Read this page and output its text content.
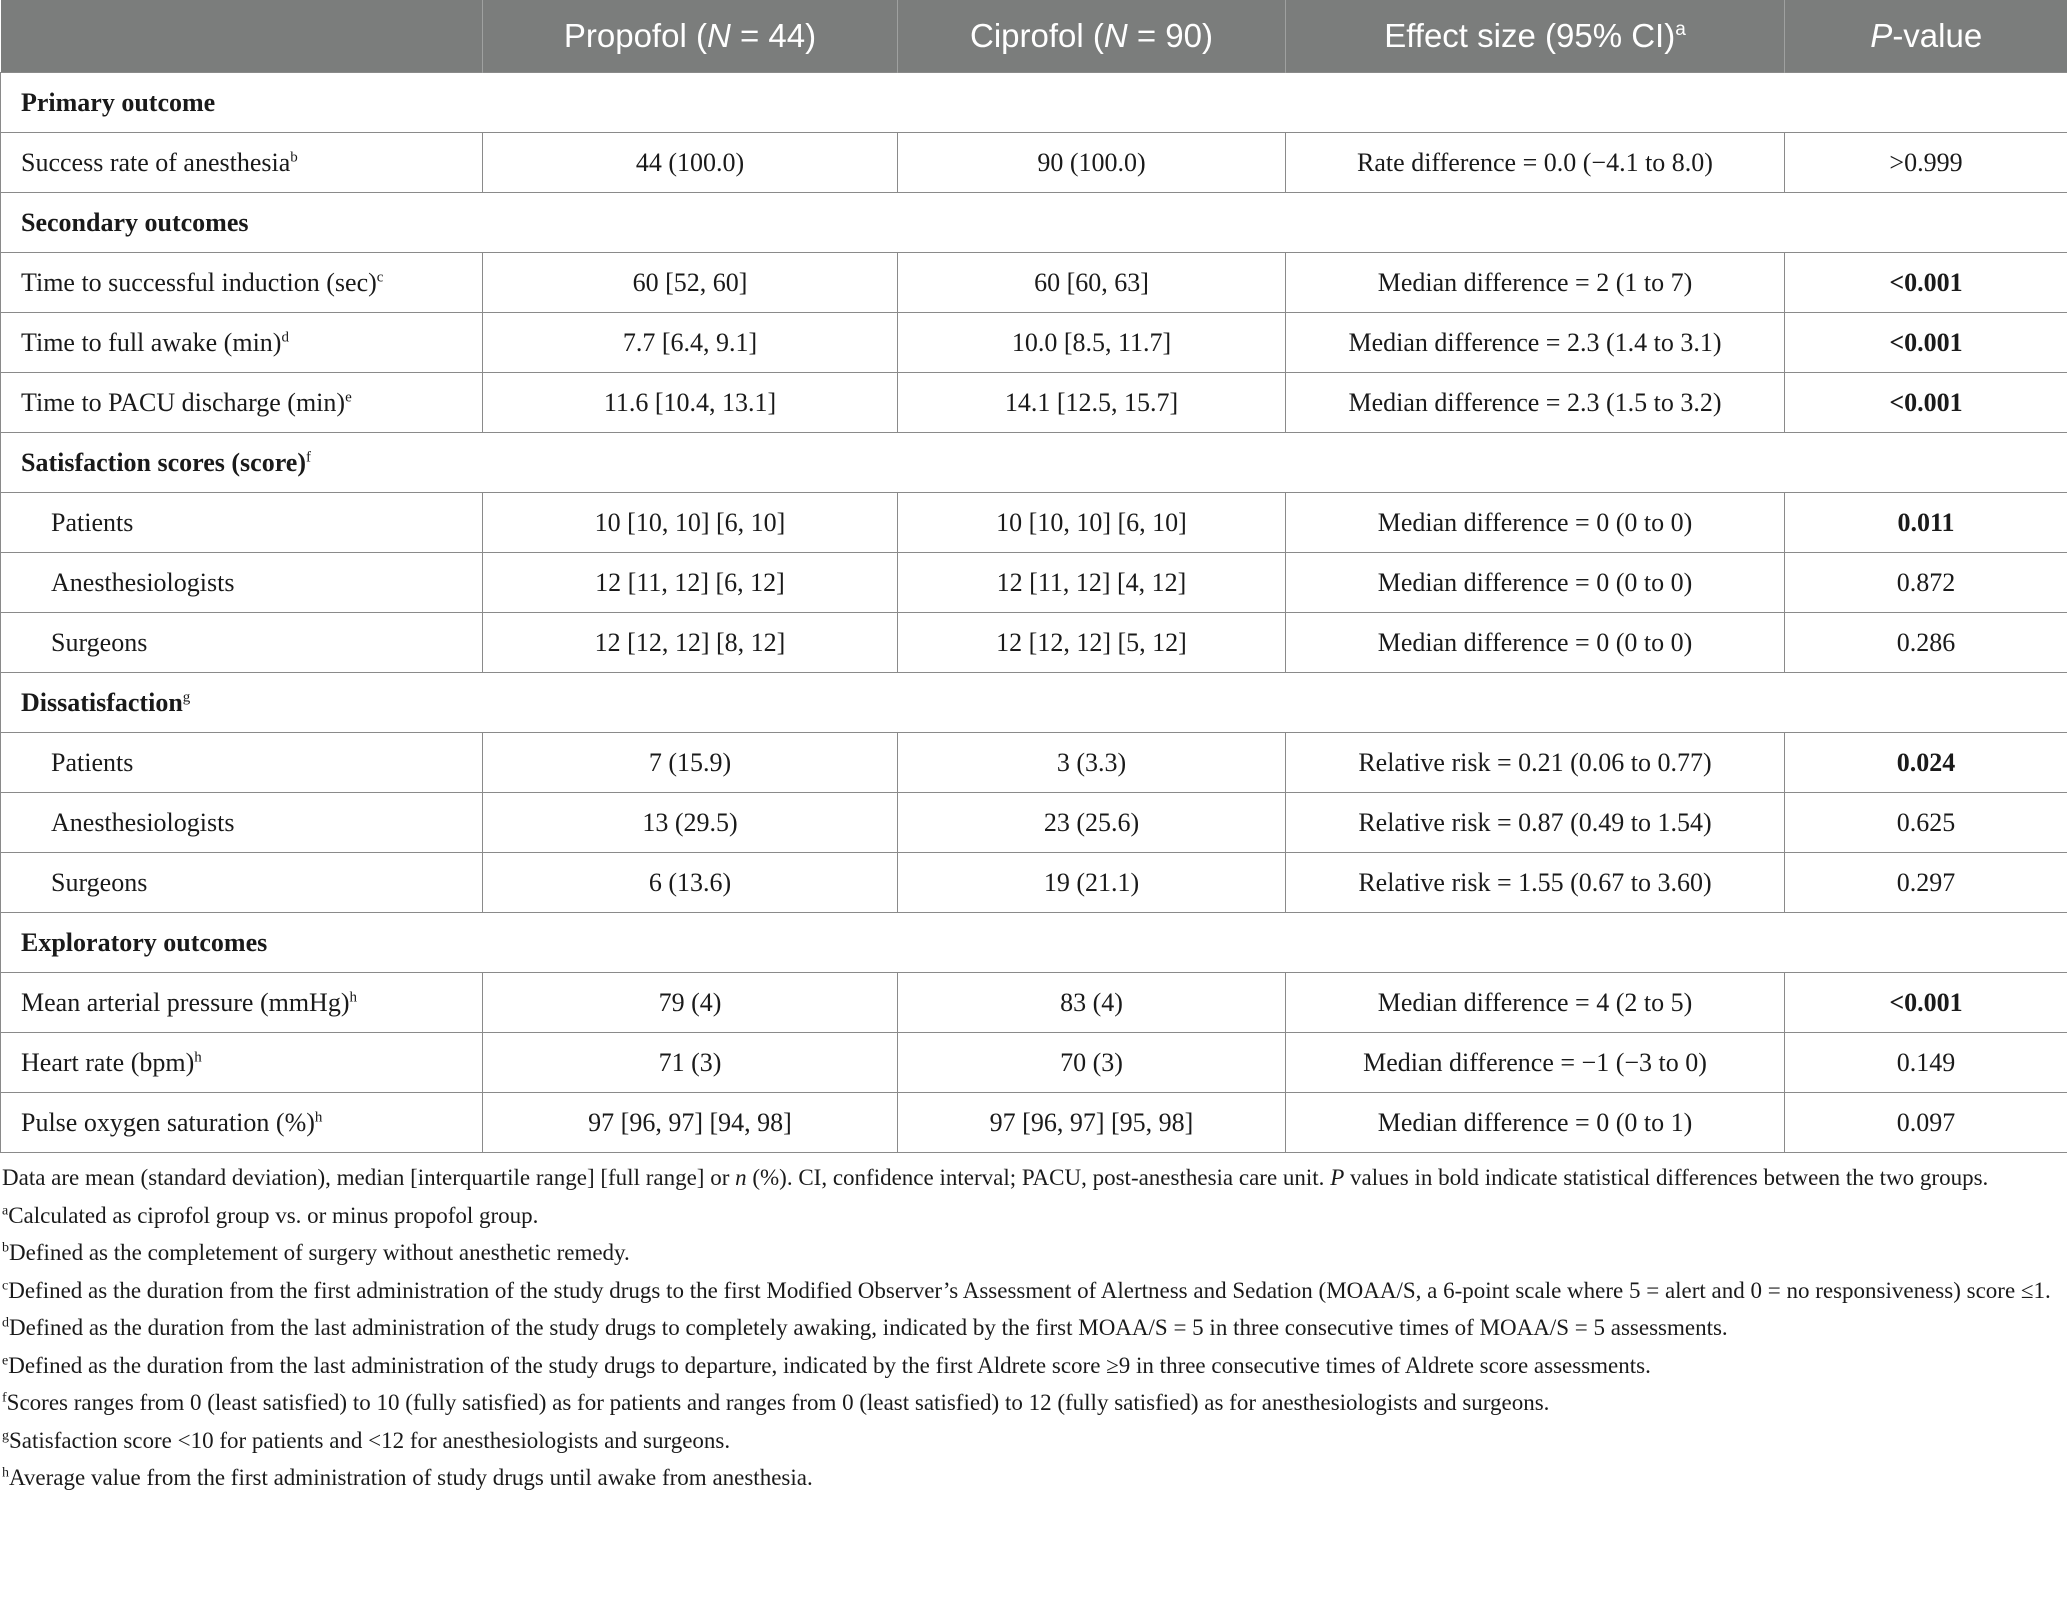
	Propofol (N = 44)	Ciprofol (N = 90)	Effect size (95% CI)$^a$	P-value
Primary outcome				
Success rate of anesthesia$^b$	44 (100.0)	90 (100.0)	Rate difference = 0.0 (−4.1 to 8.0)	>0.999
Secondary outcomes				
Time to successful induction $(\sec)^c$	60 [52, 60]	60 [60, 63]	Median difference = 2 (1 to 7)	<0.001
Time to full awake $(\min)^d$	7.7 [6.4, 9.1]	10.0 [8.5, 11.7]	Median difference = 2.3 (1.4 to 3.1)	<0.001
Time to PACU discharge $(\min)^e$	11.6 [10.4, 13.1]	14.1 [12.5, 15.7]	Median difference = 2.3 (1.5 to 3.2)	<0.001
Satisfaction scores (score)$^f$
Patients	10 [10, 10] [6, 10]	10 [10, 10] [6, 10]	Median difference = 0 (0 to 0)	0.011
Anesthesiologists	12 [11, 12] [6, 12]	12 [11, 12] [4, 12]	Median difference = 0 (0 to 0)	0.872
Surgeons	12 [12, 12] [8, 12]	12 [12, 12] [5, 12]	Median difference = 0 (0 to 0)	0.286
Dissatisfaction$^g$
Patients	7 (15.9)	3 (3.3)	Relative risk = 0.21 (0.06 to 0.77)	0.024
Anesthesiologists	13 (29.5)	23 (25.6)	Relative risk = 0.87 (0.49 to 1.54)	0.625
Surgeons	6 (13.6)	19 (21.1)	Relative risk = 1.55 (0.67 to 3.60)	0.297
Exploratory outcomes				
Mean arterial pressure (mmHg)$^h$	79 (4)	83 (4)	Median difference = 4 (2 to 5)	<0.001
Heart rate (bpm)$^h$	71 (3)	70 (3)	Median difference = −1 (−3 to 0)	0.149
Pulse oxygen saturation (%)$^h$	97 [96, 97] [94, 98]	97 [96, 97] [95, 98]	Median difference = 0 (0 to 1)	0.097

Data are mean (standard deviation), median [interquartile range] [full range] or n (%). CI, confidence interval; PACU, post-anesthesia care unit. P values in bold indicate statistical differences between the two groups.

$^a$Calculated as ciprofol group vs. or minus propofol group.

$^b$Defined as the completement of surgery without anesthetic remedy.

$^c$Defined as the duration from the first administration of the study drugs to the first Modified Observer’s Assessment of Alertness and Sedation (MOAA/S, a 6-point scale where 5 = alert and 0 = no responsiveness) score ≤1.

$^d$Defined as the duration from the last administration of the study drugs to completely awaking, indicated by the first MOAA/S = 5 in three consecutive times of MOAA/S = 5 assessments.

$^e$Defined as the duration from the last administration of the study drugs to departure, indicated by the first Aldrete score ≥9 in three consecutive times of Aldrete score assessments.

$^f$Scores ranges from 0 (least satisfied) to 10 (fully satisfied) as for patients and ranges from 0 (least satisfied) to 12 (fully satisfied) as for anesthesiologists and surgeons.

$^g$Satisfaction score <10 for patients and <12 for anesthesiologists and surgeons.

$^h$Average value from the first administration of study drugs until awake from anesthesia.
